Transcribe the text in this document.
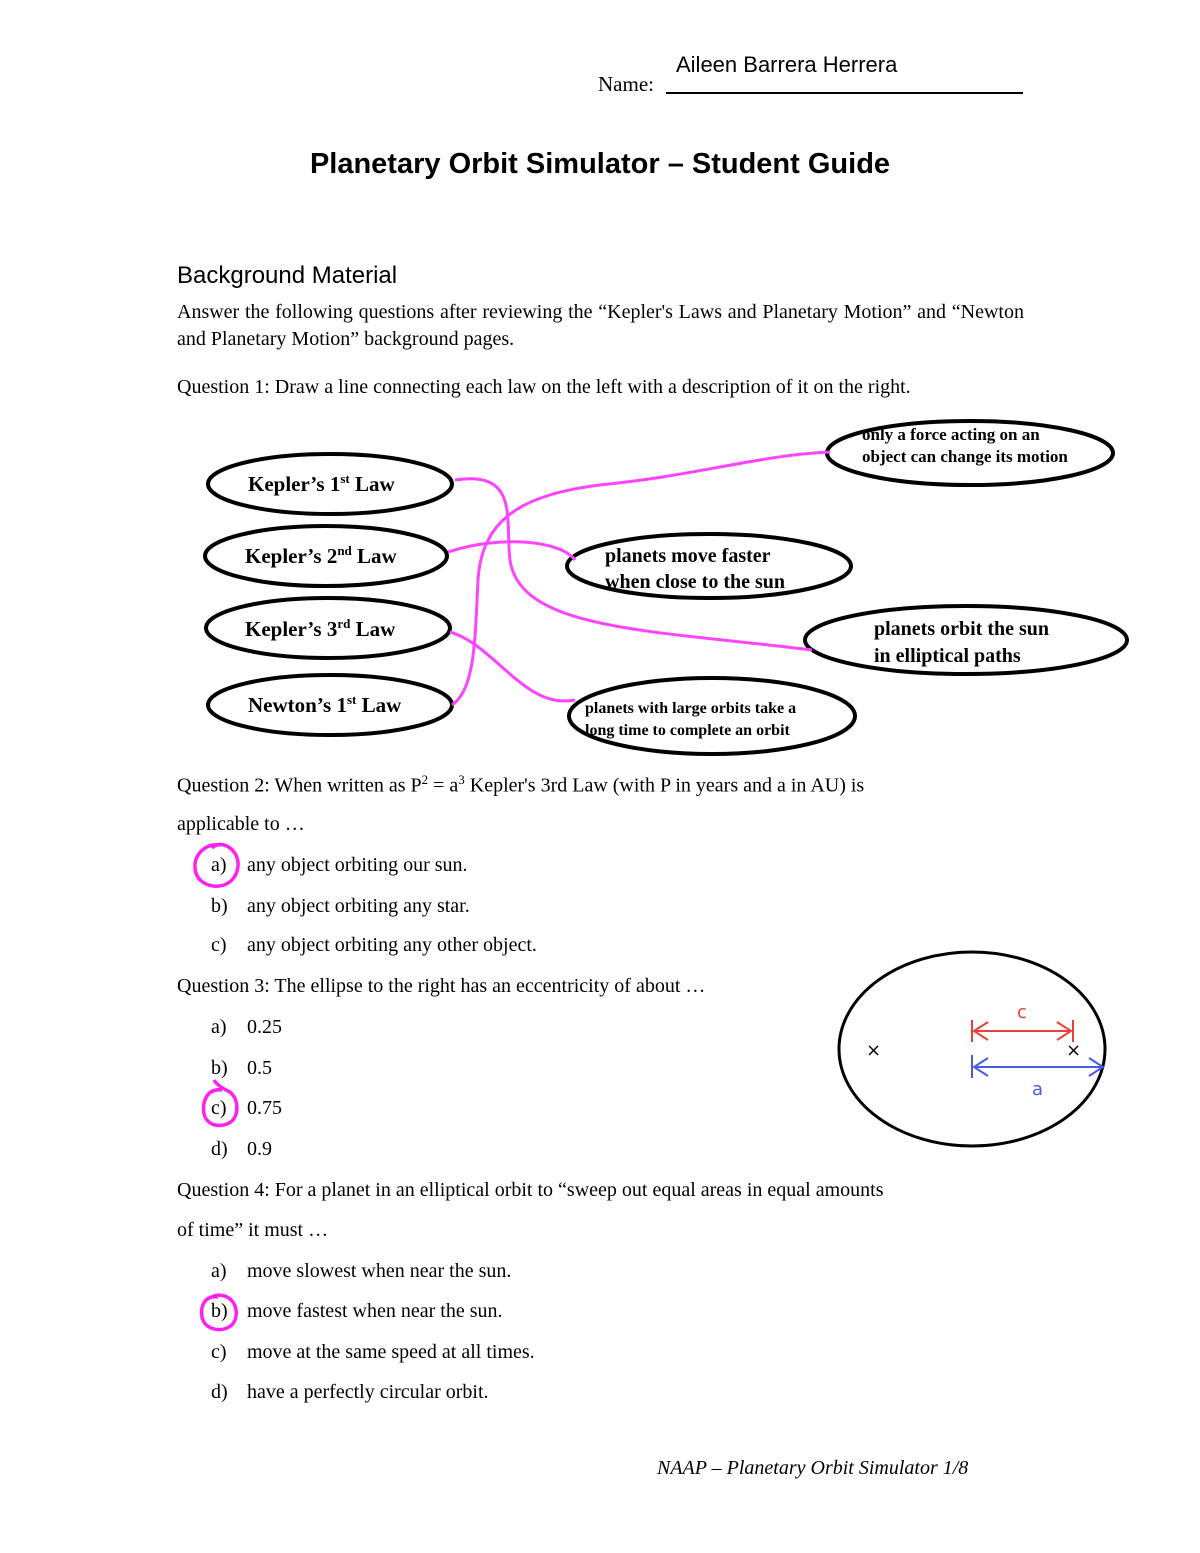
Name:
Aileen Barrera Herrera
Planetary Orbit Simulator – Student Guide
Background Material
Answer the following questions after reviewing the “Kepler's Laws and Planetary Motion” and “Newton and Planetary Motion” background pages.
Question 1: Draw a line connecting each law on the left with a description of it on the right.
Kepler’s 1st Law
Kepler’s 2nd Law
Kepler’s 3rd Law
Newton’s 1st Law
only a force acting on an
object can change its motion
planets move faster
when close to the sun
planets orbit the sun
in elliptical paths
planets with large orbits take a
long time to complete an orbit
×	×
c
a
Question 2: When written as $P^2 = a^3$ Kepler's 3rd Law (with P in years and a in AU) is
applicable to …
a) any object orbiting our sun.
b) any object orbiting any star.
c) any object orbiting any other object.
Question 3: The ellipse to the right has an eccentricity of about …
a) 0.25
b) 0.5
c) 0.75
d) 0.9
Question 4: For a planet in an elliptical orbit to “sweep out equal areas in equal amounts
of time” it must …
a) move slowest when near the sun.
b) move fastest when near the sun.
c) move at the same speed at all times.
d) have a perfectly circular orbit.
NAAP – Planetary Orbit Simulator 1/8
